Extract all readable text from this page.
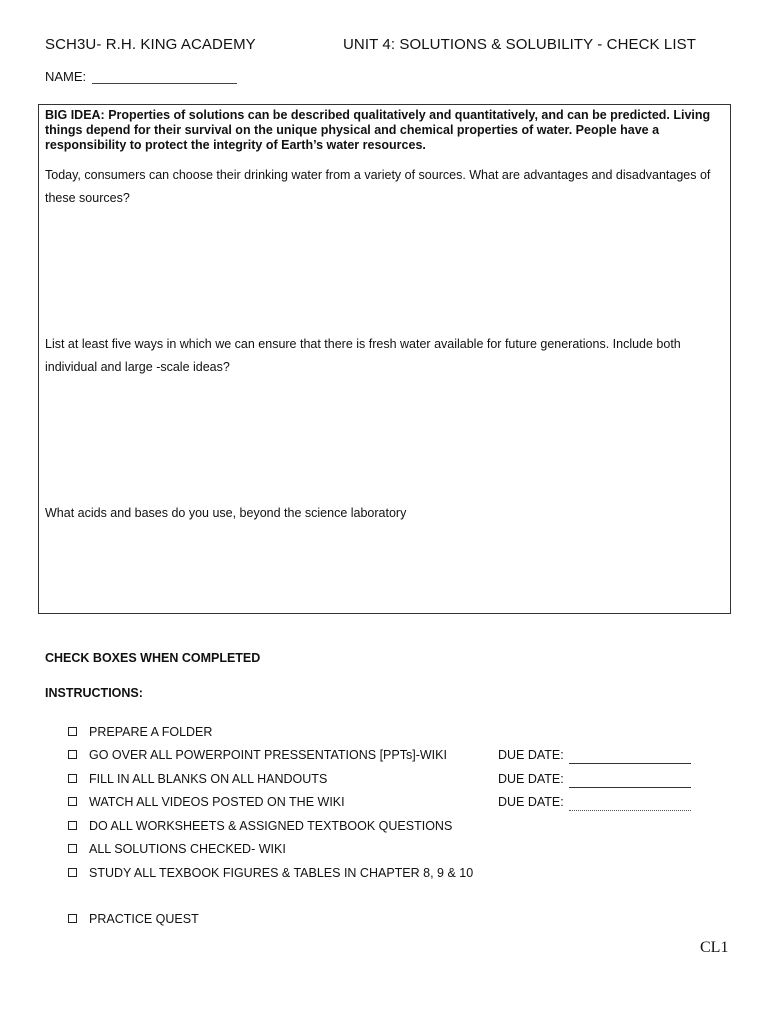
SCH3U- R.H. KING ACADEMY	UNIT 4: SOLUTIONS & SOLUBILITY - CHECK LIST
NAME:
BIG IDEA: Properties of solutions can be described qualitatively and quantitatively, and can be predicted. Living things depend for their survival on the unique physical and chemical properties of water. People have a responsibility to protect the integrity of Earth’s water resources.
Today, consumers can choose their drinking water from a variety of sources. What are advantages and disadvantages of these sources?
List at least five ways in which we can ensure that there is fresh water available for future generations. Include both individual and large -scale ideas?
What acids and bases do you use, beyond the science laboratory
CHECK BOXES WHEN COMPLETED
INSTRUCTIONS:
PREPARE A FOLDER
GO OVER ALL POWERPOINT PRESSENTATIONS [PPTs]-WIKI
FILL IN ALL BLANKS ON ALL HANDOUTS
WATCH ALL VIDEOS POSTED ON THE WIKI
DO ALL WORKSHEETS & ASSIGNED TEXTBOOK QUESTIONS
ALL SOLUTIONS CHECKED- WIKI
STUDY ALL TEXBOOK FIGURES & TABLES IN CHAPTER 8, 9 & 10
PRACTICE QUEST
DUE DATE:
DUE DATE:
DUE DATE:
CL1
